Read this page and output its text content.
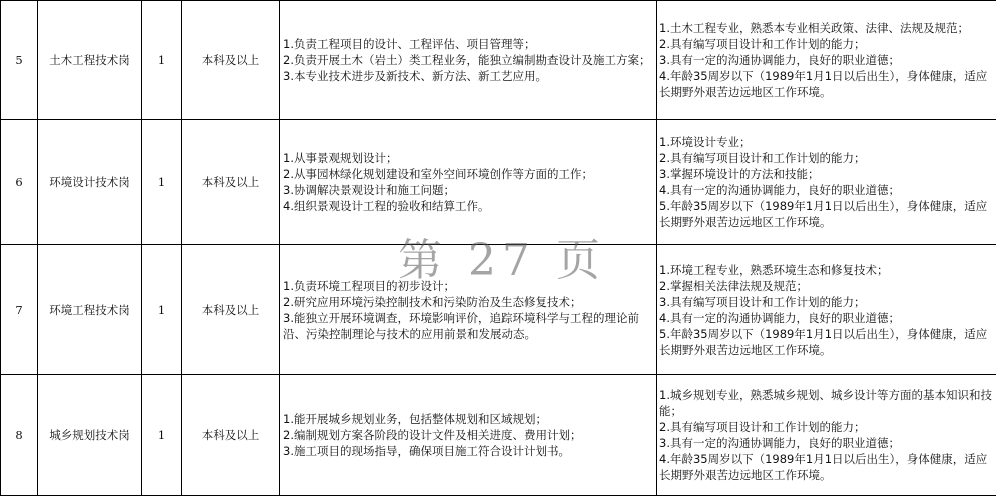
5	土木工程技术岗	1	本科及以上	1.负责工程项目的设计、工程评估、项目管理等；
2.负责开展土木（岩土）类工程业务，能独立编制勘查设计及施工方案；
3.本专业技术进步及新技术、新方法、新工艺应用。	1.土木工程专业，熟悉本专业相关政策、法律、法规及规范；
2.具有编写项目设计和工作计划的能力；
3.具有一定的沟通协调能力，良好的职业道德；
4.年龄35周岁以下（1989年1月1日以后出生），身体健康，适应长期野外艰苦边远地区工作环境。

6	环境设计技术岗	1	本科及以上	1.从事景观规划设计；
2.从事园林绿化规划建设和室外空间环境创作等方面的工作；
3.协调解决景观设计和施工问题；
4.组织景观设计工程的验收和结算工作。	1.环境设计专业；
2.具有编写项目设计和工作计划的能力；
3.掌握环境设计的方法和技能；
4.具有一定的沟通协调能力，良好的职业道德；
5.年龄35周岁以下（1989年1月1日以后出生），身体健康，适应长期野外艰苦边远地区工作环境。

7	环境工程技术岗	1	本科及以上	1.负责环境工程项目的初步设计；
2.研究应用环境污染控制技术和污染防治及生态修复技术；
3.能独立开展环境调查，环境影响评价，追踪环境科学与工程的理论前沿、污染控制理论与技术的应用前景和发展动态。	1.环境工程专业，熟悉环境生态和修复技术；
2.掌握相关法律法规及规范；
3.具有编写项目设计和工作计划的能力；
4.具有一定的沟通协调能力，良好的职业道德；
5.年龄35周岁以下（1989年1月1日以后出生），身体健康，适应长期野外艰苦边远地区工作环境。

8	城乡规划技术岗	1	本科及以上	1.能开展城乡规划业务，包括整体规划和区域规划；
2.编制规划方案各阶段的设计文件及相关进度、费用计划；
3.施工项目的现场指导，确保项目施工符合设计计划书。	1.城乡规划专业，熟悉城乡规划、城乡设计等方面的基本知识和技能；
2.具有编写项目设计和工作计划的能力；
3.具有一定的沟通协调能力，良好的职业道德；
4.年龄35周岁以下（1989年1月1日以后出生），身体健康，适应长期野外艰苦边远地区工作环境。
第 27 页
